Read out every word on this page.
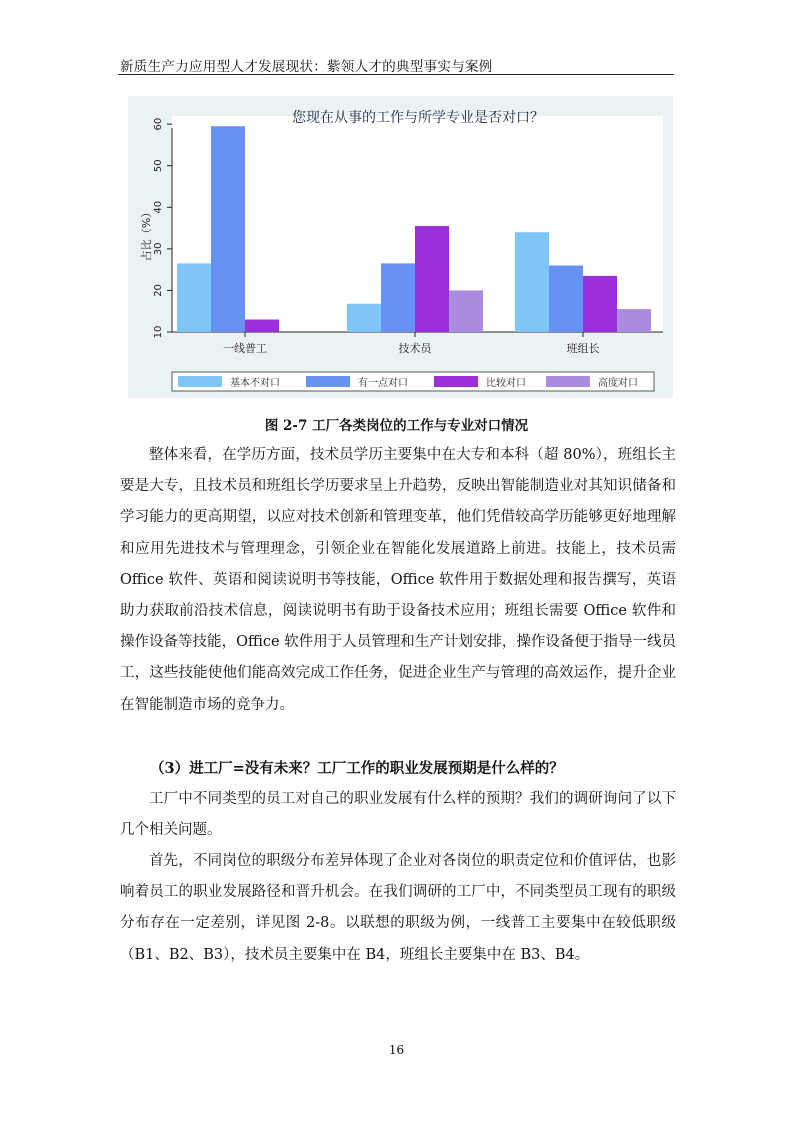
新质生产力应用型人才发展现状：紫领人才的典型事实与案例
您现在从事的工作与所学专业是否对口？
10
20
30
40
50
60
占比（%）
一线普工	技术员	班组长
基本不对口	有一点对口	比较对口	高度对口
图 2-7 工厂各类岗位的工作与专业对口情况

整体来看，在学历方面，技术员学历主要集中在大专和本科（超 80%），班组长主要是大专，且技术员和班组长学历要求呈上升趋势，反映出智能制造业对其知识储备和学习能力的更高期望，以应对技术创新和管理变革，他们凭借较高学历能够更好地理解和应用先进技术与管理理念，引领企业在智能化发展道路上前进。技能上，技术员需 Office 软件、英语和阅读说明书等技能，Office 软件用于数据处理和报告撰写，英语助力获取前沿技术信息，阅读说明书有助于设备技术应用；班组长需要 Office 软件和操作设备等技能，Office 软件用于人员管理和生产计划安排，操作设备便于指导一线员工，这些技能使他们能高效完成工作任务，促进企业生产与管理的高效运作，提升企业在智能制造市场的竞争力。

（3）进工厂=没有未来？工厂工作的职业发展预期是什么样的？

工厂中不同类型的员工对自己的职业发展有什么样的预期？我们的调研询问了以下几个相关问题。

首先，不同岗位的职级分布差异体现了企业对各岗位的职责定位和价值评估，也影响着员工的职业发展路径和晋升机会。在我们调研的工厂中，不同类型员工现有的职级分布存在一定差别，详见图 2-8。以联想的职级为例，一线普工主要集中在较低职级（B1、B2、B3），技术员主要集中在 B4，班组长主要集中在 B3、B4。

16
